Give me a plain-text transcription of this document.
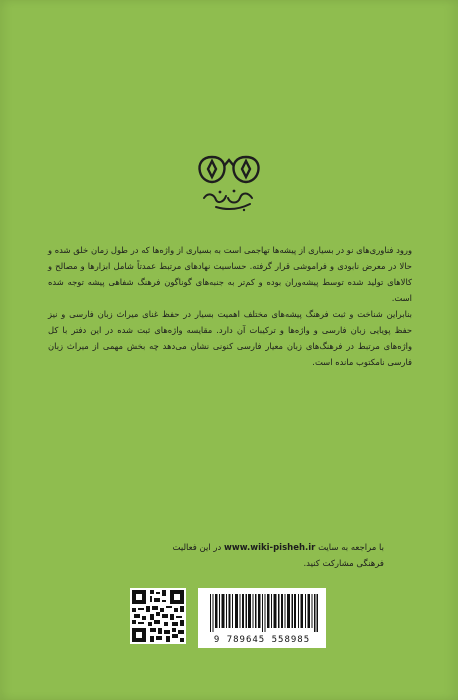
ورود فناوری‌های نو در بسیاری از پیشه‌ها تهاجمی است به بسیاری از واژه‌ها که در طول زمان خلق شده و حالا در معرض نابودی و فراموشی قرار گرفته. حساسیت نهادهای مرتبط عمدتاً شامل ابزارها و مصالح و کالاهای تولید شده توسط پیشه‌وران بوده و کم‌تر به جنبه‌های گوناگون فرهنگ شفاهی پیشه توجه شده است.
بنابراین شناخت و ثبت فرهنگ پیشه‌های مختلف اهمیت بسیار در حفظ غنای میراث زبان فارسی و نیز حفظ پویایی زبان فارسی و واژه‌ها و ترکیبات آن دارد. مقایسه واژه‌های ثبت شده در این دفتر با کل واژه‌های مرتبط در فرهنگ‌های زبان معیار فارسی کنونی نشان می‌دهد چه بخش مهمی از میراث زبان فارسی نامکتوب مانده است.
با مراجعه به سایت www.wiki-pisheh.ir در این فعالیت فرهنگی مشارکت کنید.
9 789645 558985
